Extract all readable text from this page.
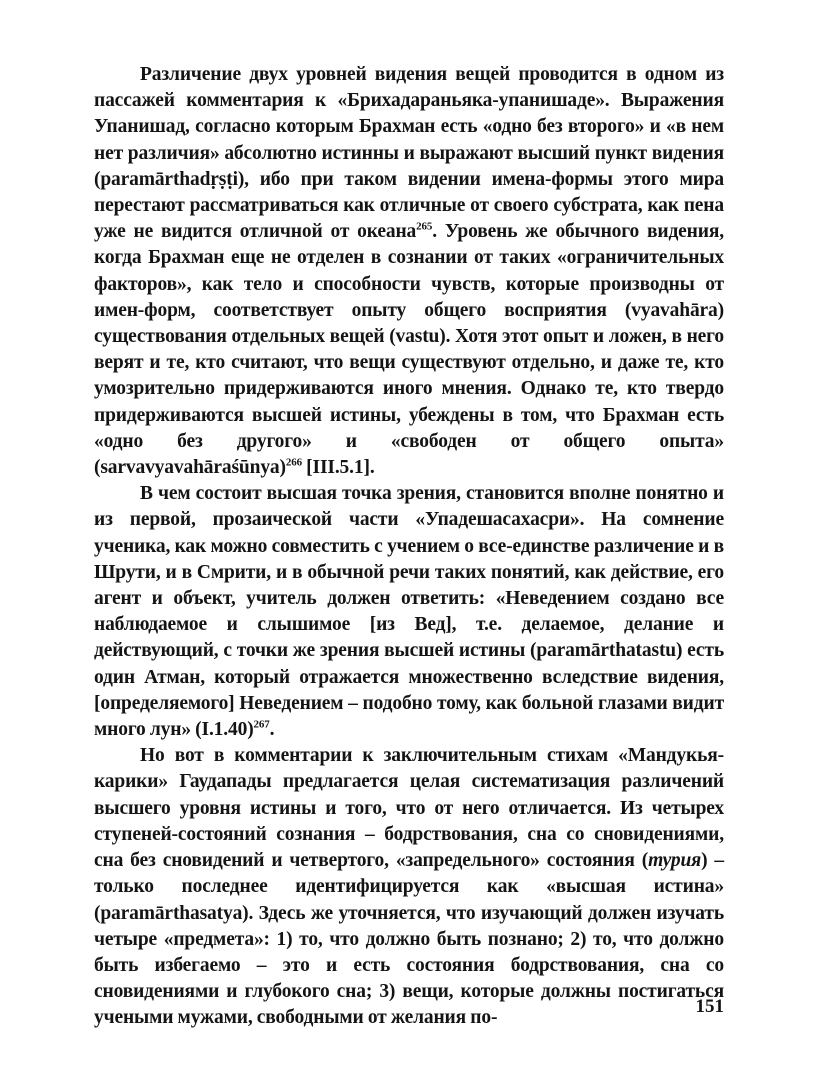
Различение двух уровней видения вещей проводится в одном из пассажей комментария к «Брихадараньяка-упанишаде». Выражения Упанишад, согласно которым Брахман есть «одно без второго» и «в нем нет различия» абсолютно истинны и выражают высший пункт видения (paramārthadṛṣṭi), ибо при таком видении имена-формы этого мира перестают рассматриваться как отличные от своего субстрата, как пена уже не видится отличной от океана$^{265}$. Уровень же обычного видения, когда Брахман еще не отделен в сознании от таких «ограничительных факторов», как тело и способности чувств, которые производны от имен-форм, соответствует опыту общего восприятия (vyavahāra) существования отдельных вещей (vastu). Хотя этот опыт и ложен, в него верят и те, кто считают, что вещи существуют отдельно, и даже те, кто умозрительно придерживаются иного мнения. Однако те, кто твердо придерживаются высшей истины, убеждены в том, что Брахман есть «одно без другого» и «свободен от общего опыта» (sarvavyavahāraśūnya)$^{266}$ [III.5.1].

В чем состоит высшая точка зрения, становится вполне понятно и из первой, прозаической части «Упадешасахасри». На сомнение ученика, как можно совместить с учением о все-единстве различение и в Шрути, и в Смрити, и в обычной речи таких понятий, как действие, его агент и объект, учитель должен ответить: «Неведением создано все наблюдаемое и слышимое [из Вед], т.е. делаемое, делание и действующий, с точки же зрения высшей истины (paramārthatastu) есть один Атман, который отражается множественно вследствие видения, [определяемого] Неведением – подобно тому, как больной глазами видит много лун» $(I.1.40)^{267}$.

Но вот в комментарии к заключительным стихам «Мандукья-карики» Гаудапады предлагается целая систематизация различений высшего уровня истины и того, что от него отличается. Из четырех ступеней-состояний сознания – бодрствования, сна со сновидениями, сна без сновидений и четвертого, «запредельного» состояния (турия) – только последнее идентифицируется как «высшая истина» (paramārthasatya). Здесь же уточняется, что изучающий должен изучать четыре «предмета»: 1) то, что должно быть познано; 2) то, что должно быть избегаемо – это и есть состояния бодрствования, сна со сновидениями и глубокого сна; 3) вещи, которые должны постигаться учеными мужами, свободными от желания по-

151
